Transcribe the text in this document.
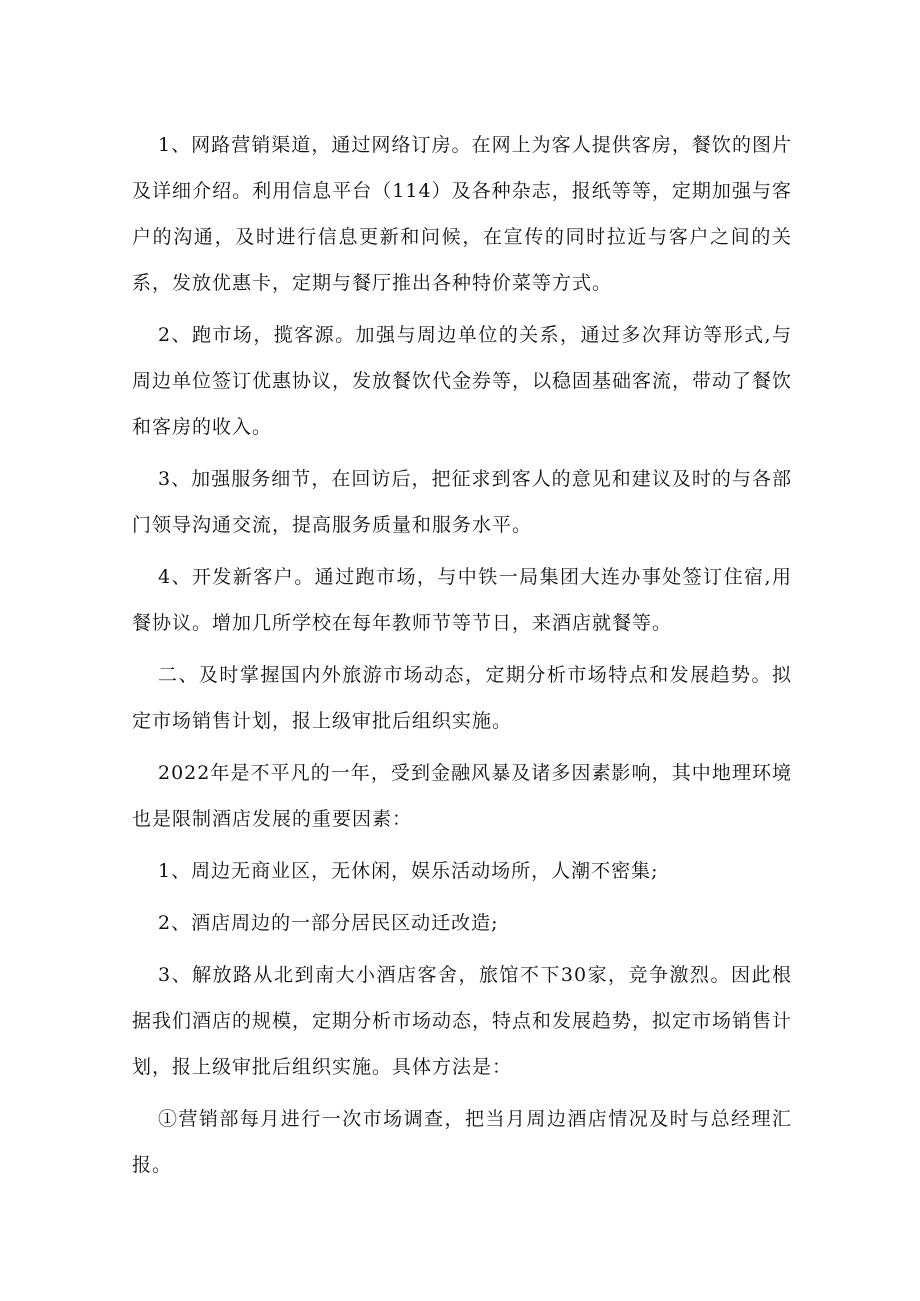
1、网路营销渠道，通过网络订房。在网上为客人提供客房，餐饮的图片及详细介绍。利用信息平台（114）及各种杂志，报纸等等，定期加强与客户的沟通，及时进行信息更新和问候，在宣传的同时拉近与客户之间的关系，发放优惠卡，定期与餐厅推出各种特价菜等方式。

2、跑市场，揽客源。加强与周边单位的关系，通过多次拜访等形式,与周边单位签订优惠协议，发放餐饮代金券等，以稳固基础客流，带动了餐饮和客房的收入。

3、加强服务细节，在回访后，把征求到客人的意见和建议及时的与各部门领导沟通交流，提高服务质量和服务水平。

4、开发新客户。通过跑市场，与中铁一局集团大连办事处签订住宿,用餐协议。增加几所学校在每年教师节等节日，来酒店就餐等。

二、及时掌握国内外旅游市场动态，定期分析市场特点和发展趋势。拟定市场销售计划，报上级审批后组织实施。

2022年是不平凡的一年，受到金融风暴及诸多因素影响，其中地理环境也是限制酒店发展的重要因素：

1、周边无商业区，无休闲，娱乐活动场所，人潮不密集;

2、酒店周边的一部分居民区动迁改造;

3、解放路从北到南大小酒店客舍，旅馆不下30家，竞争激烈。因此根据我们酒店的规模，定期分析市场动态，特点和发展趋势，拟定市场销售计划，报上级审批后组织实施。具体方法是：

①营销部每月进行一次市场调查，把当月周边酒店情况及时与总经理汇报。
